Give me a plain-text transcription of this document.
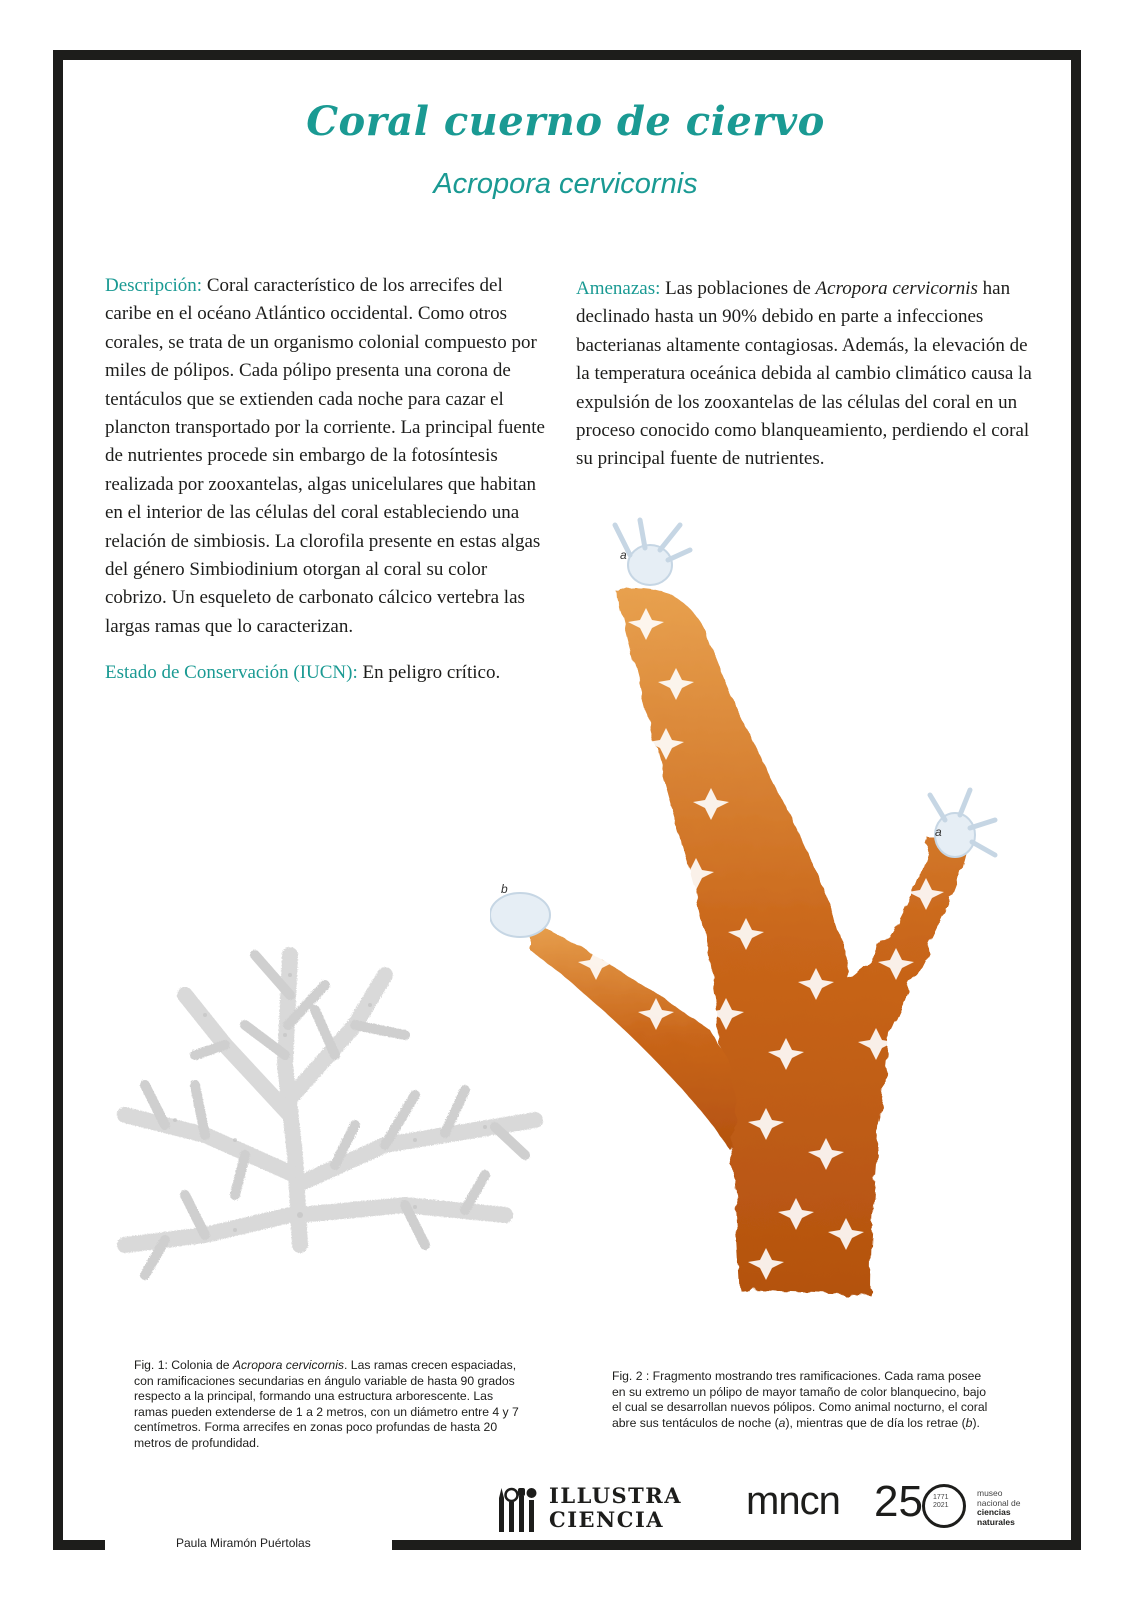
Coral cuerno de ciervo
Acropora cervicornis

Descripción: Coral característico de los arrecifes del caribe en el océano Atlántico occidental. Como otros corales, se trata de un organismo colonial compuesto por miles de pólipos. Cada pólipo presenta una corona de tentáculos que se extienden cada noche para cazar el plancton transportado por la corriente. La principal fuente de nutrientes procede sin embargo de la fotosíntesis realizada por zooxantelas, algas unicelulares que habitan en el interior de las células del coral estableciendo una relación de simbiosis. La clorofila presente en estas algas del género Simbiodinium otorgan al coral su color cobrizo. Un esqueleto de carbonato cálcico vertebra las largas ramas que lo caracterizan.

Estado de Conservación (IUCN): En peligro crítico.

Amenazas: Las poblaciones de Acropora cervicornis han declinado hasta un 90% debido en parte a infecciones bacterianas altamente contagiosas. Además, la elevación de la temperatura oceánica debida al cambio climático causa la expulsión de los zooxantelas de las células del coral en un proceso conocido como blanqueamiento, perdiendo el coral su principal fuente de nutrientes.

a
a
b
Fig. 1: Colonia de Acropora cervicornis. Las ramas crecen espaciadas, con ramificaciones secundarias en ángulo variable de hasta 90 grados respecto a la principal, formando una estructura arborescente. Las ramas pueden extenderse de 1 a 2 metros, con un diámetro entre 4 y 7 centímetros. Forma arrecifes en zonas poco profundas de hasta 20 metros de profundidad.
Fig. 2 : Fragmento mostrando tres ramificaciones. Cada rama posee en su extremo un pólipo de mayor tamaño de color blanquecino, bajo el cual se desarrollan nuevos pólipos. Como animal nocturno, el coral abre sus tentáculos de noche (a), mientras que de día los retrae (b).
ILLUSTRA
CIENCIA	mncn 25 1771
2021
museo
nacional de
ciencias
naturales
Paula Miramón Puértolas
